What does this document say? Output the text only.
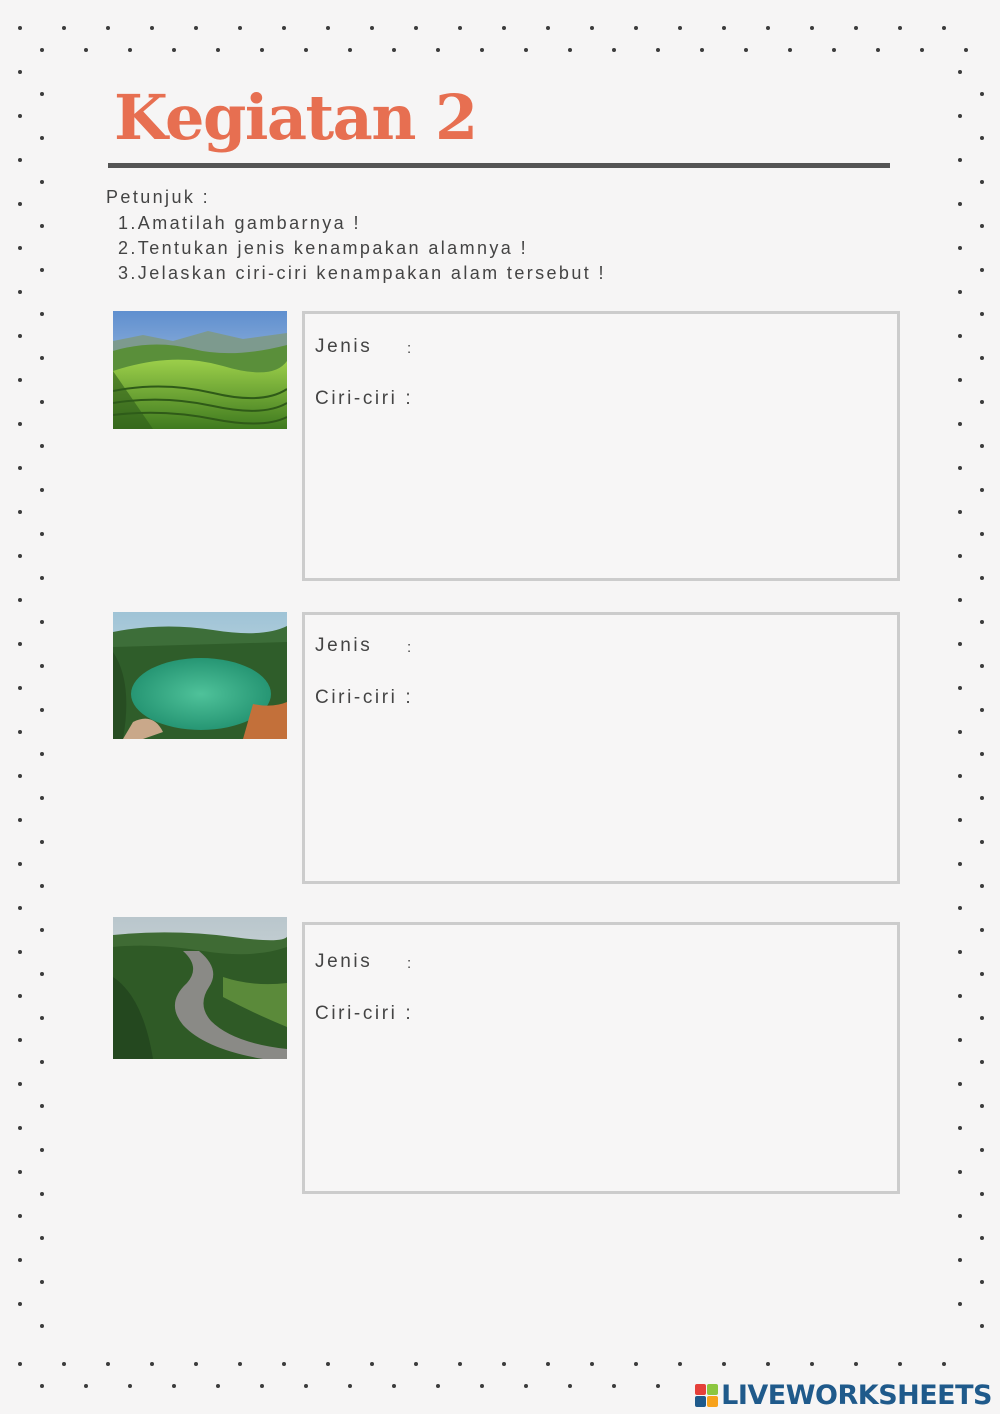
Kegiatan 2
Petunjuk :
1.Amatilah gambarnya !
2.Tentukan jenis kenampakan alamnya !
3.Jelaskan ciri-ciri kenampakan alam tersebut !
Jenis :
Ciri-ciri :
Jenis :
Ciri-ciri :
Jenis :
Ciri-ciri :
LIVEWORKSHEETS
